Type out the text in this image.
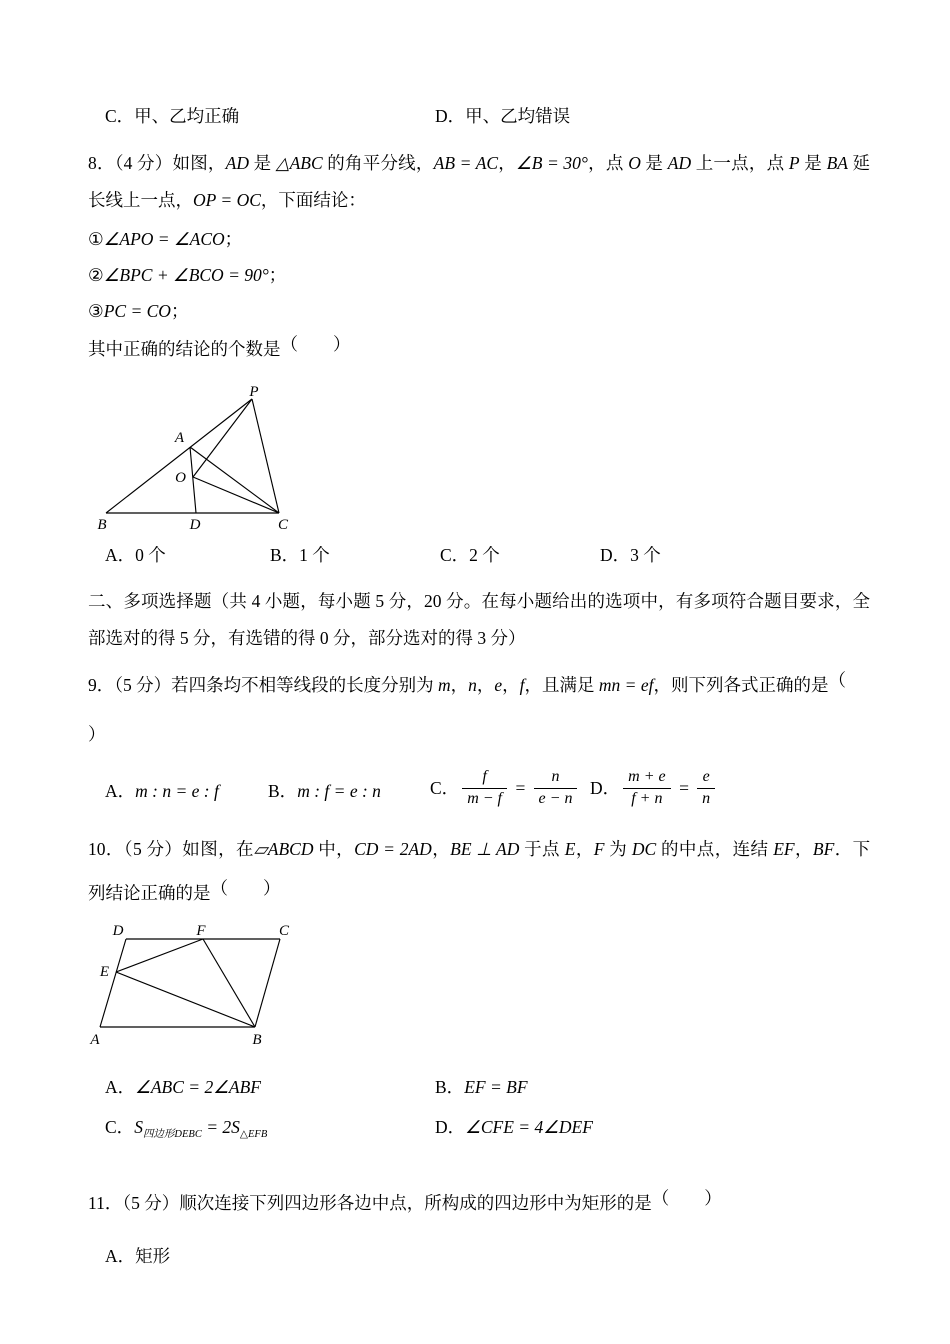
C．甲、乙均正确	D．甲、乙均错误
8．（4 分）如图，AD 是 △ABC 的角平分线，AB = AC，∠B = 30°，点 O 是 AD 上一点，点 P 是 BA 延长线上一点，OP = OC，下面结论：
①∠APO = ∠ACO；
②∠BPC + ∠BCO = 90°；
③PC = CO；
其中正确的结论的个数是（　　）
P
A
O
B	D	C
A．0 个	B．1 个	C．2 个	D．3 个
二、多项选择题（共 4 小题，每小题 5 分，20 分。在每小题给出的选项中，有多项符合题目要求，全部选对的得 5 分，有选错的得 0 分，部分选对的得 3 分）
9．（5 分）若四条均不相等线段的长度分别为 m，n，e，f，且满足 mn = ef，则下列各式正确的是（
）
A．m : n = e : f	B．m : f = e : n	C． $\frac{f}{m - f} = \frac{n}{e - n}$ D． $\frac{m + e}{f + n} = \frac{e}{n}$
10．（5 分）如图，在▱ABCD 中，CD = 2AD，BE ⊥ AD 于点 E，F 为 DC 的中点，连结 EF，BF．下列结论正确的是（　　）
D	F	C
E
A	B
A．∠ABC = 2∠ABF	B．EF = BF
C．$S_{四边形DEBC} = 2S_{\triangle EFB}$	D．∠CFE = 4∠DEF
11．（5 分）顺次连接下列四边形各边中点，所构成的四边形中为矩形的是（　　）
A．矩形
